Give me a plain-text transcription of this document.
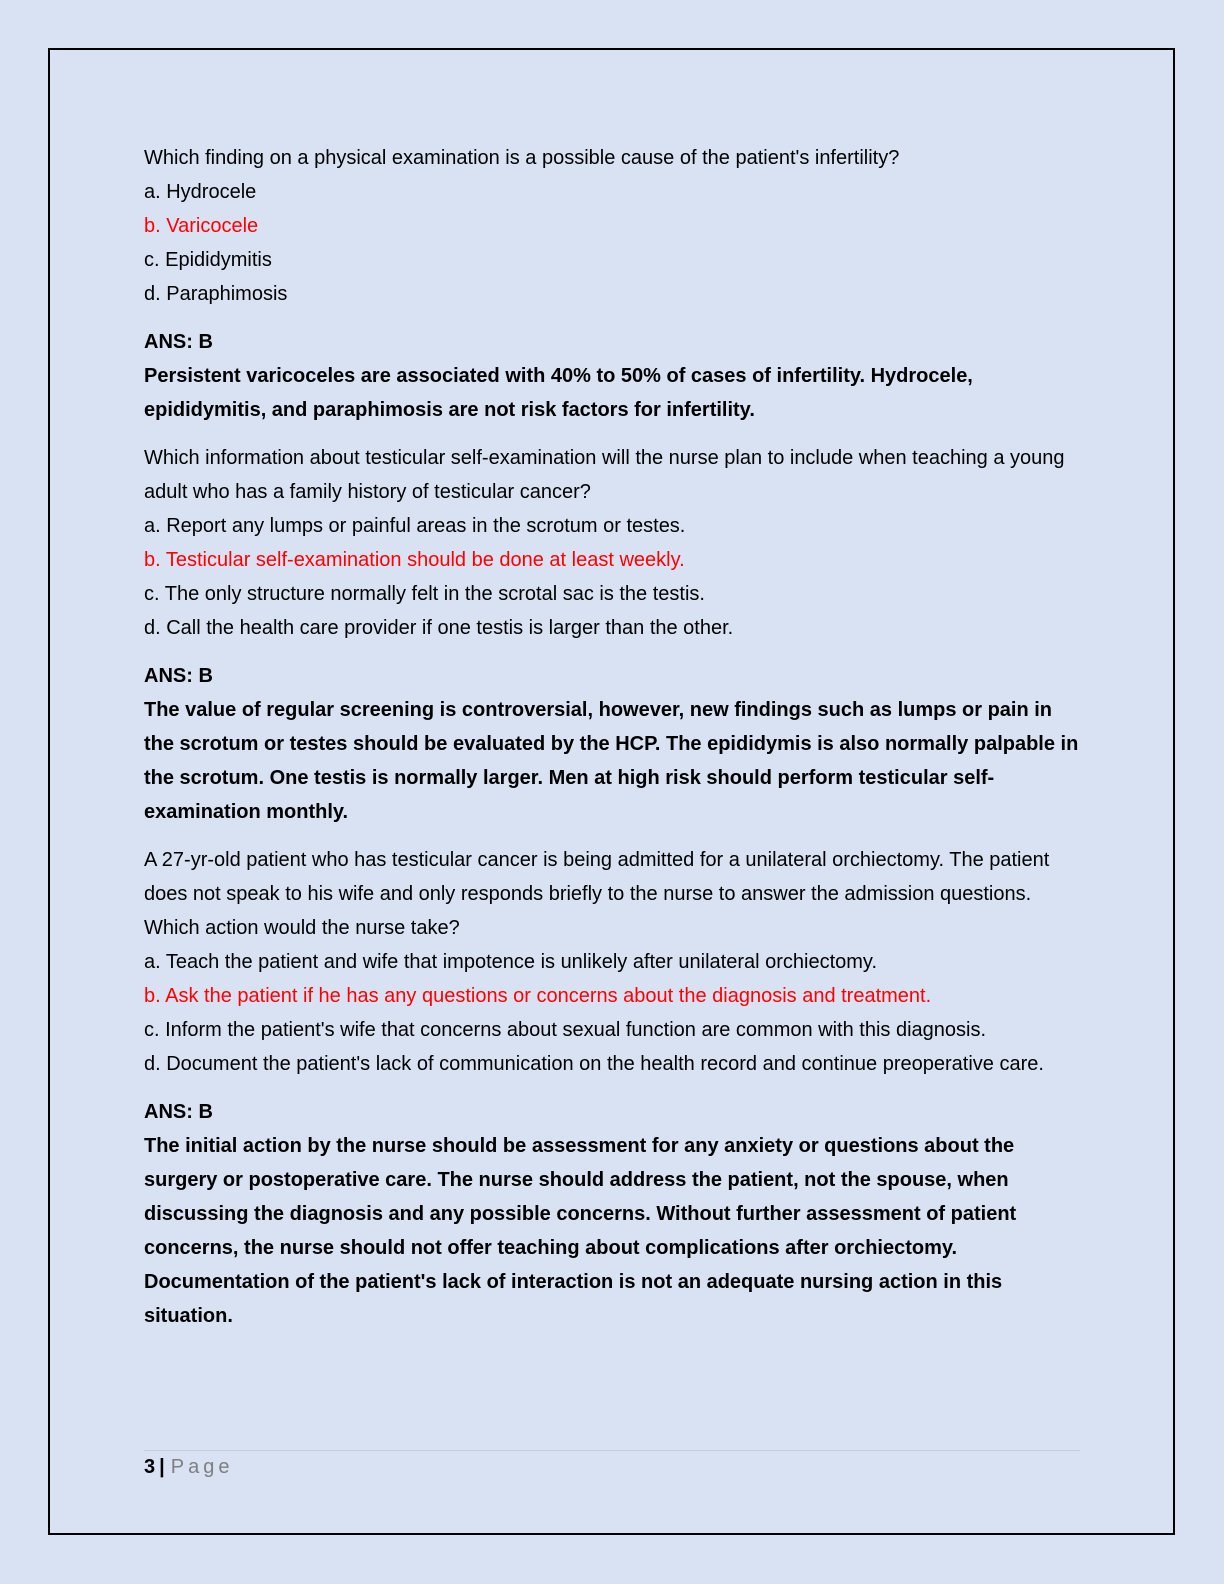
Which finding on a physical examination is a possible cause of the patient's infertility?
a. Hydrocele
b. Varicocele
c. Epididymitis
d. Paraphimosis
ANS: B
Persistent varicoceles are associated with 40% to 50% of cases of infertility. Hydrocele, epididymitis, and paraphimosis are not risk factors for infertility.
Which information about testicular self-examination will the nurse plan to include when teaching a young adult who has a family history of testicular cancer?
a. Report any lumps or painful areas in the scrotum or testes.
b. Testicular self-examination should be done at least weekly.
c. The only structure normally felt in the scrotal sac is the testis.
d. Call the health care provider if one testis is larger than the other.
ANS: B
The value of regular screening is controversial, however, new findings such as lumps or pain in the scrotum or testes should be evaluated by the HCP. The epididymis is also normally palpable in the scrotum. One testis is normally larger. Men at high risk should perform testicular self-examination monthly.
A 27-yr-old patient who has testicular cancer is being admitted for a unilateral orchiectomy. The patient does not speak to his wife and only responds briefly to the nurse to answer the admission questions. Which action would the nurse take?
a. Teach the patient and wife that impotence is unlikely after unilateral orchiectomy.
b. Ask the patient if he has any questions or concerns about the diagnosis and treatment.
c. Inform the patient's wife that concerns about sexual function are common with this diagnosis.
d. Document the patient's lack of communication on the health record and continue preoperative care.
ANS: B
The initial action by the nurse should be assessment for any anxiety or questions about the surgery or postoperative care. The nurse should address the patient, not the spouse, when discussing the diagnosis and any possible concerns. Without further assessment of patient concerns, the nurse should not offer teaching about complications after orchiectomy. Documentation of the patient's lack of interaction is not an adequate nursing action in this situation.
3 | Page
